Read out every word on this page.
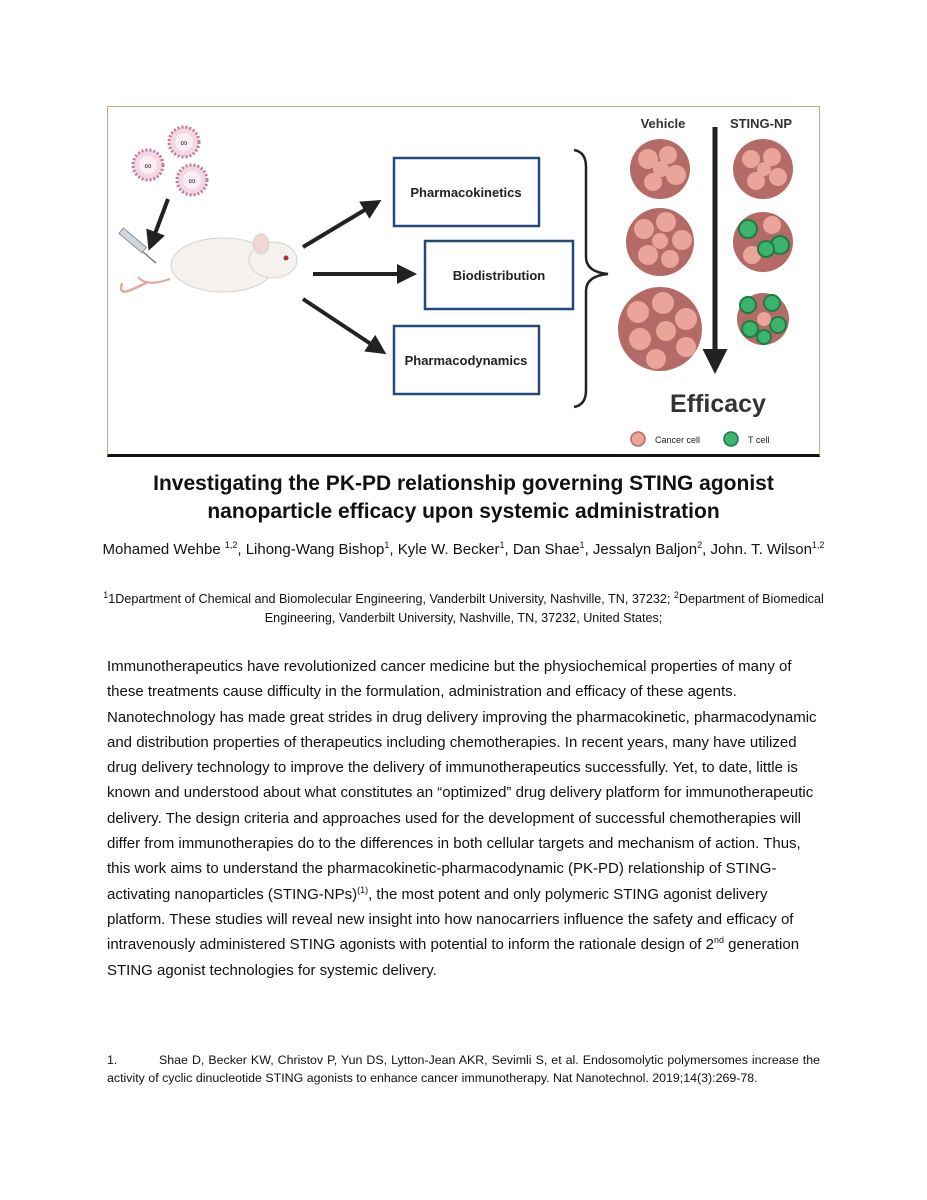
∞
∞
∞
Pharmacokinetics
Biodistribution
Pharmacodynamics
Vehicle	STING-NP
Efficacy
Cancer cell	T cell
Investigating the PK-PD relationship governing STING agonist
nanoparticle efficacy upon systemic administration

Mohamed Wehbe $^{1,2}$, Lihong-Wang Bishop$^1$, Kyle W. Becker$^1$, Dan Shae$^1$, Jessalyn Baljon$^2$, John. T. Wilson$^{1,2}$

$^1$1Department of Chemical and Biomolecular Engineering, Vanderbilt University, Nashville, TN, 37232; $^2$Department of Biomedical Engineering, Vanderbilt University, Nashville, TN, 37232, United States;

Immunotherapeutics have revolutionized cancer medicine but the physiochemical properties of many of these treatments cause difficulty in the formulation, administration and efficacy of these agents. Nanotechnology has made great strides in drug delivery improving the pharmacokinetic, pharmacodynamic and distribution properties of therapeutics including chemotherapies. In recent years, many have utilized drug delivery technology to improve the delivery of immunotherapeutics successfully. Yet, to date, little is known and understood about what constitutes an “optimized” drug delivery platform for immunotherapeutic delivery. The design criteria and approaches used for the development of successful chemotherapies will differ from immunotherapies do to the differences in both cellular targets and mechanism of action. Thus, this work aims to understand the pharmacokinetic-pharmacodynamic (PK-PD) relationship of STING-activating nanoparticles (STING-NPs)$^{(1)}$, the most potent and only polymeric STING agonist delivery platform. These studies will reveal new insight into how nanocarriers influence the safety and efficacy of intravenously administered STING agonists with potential to inform the rationale design of 2nd generation STING agonist technologies for systemic delivery.

1.	Shae D, Becker KW, Christov P, Yun DS, Lytton-Jean AKR, Sevimli S, et al. Endosomolytic polymersomes increase the activity of cyclic dinucleotide STING agonists to enhance cancer immunotherapy. Nat Nanotechnol. 2019;14(3):269-78.
